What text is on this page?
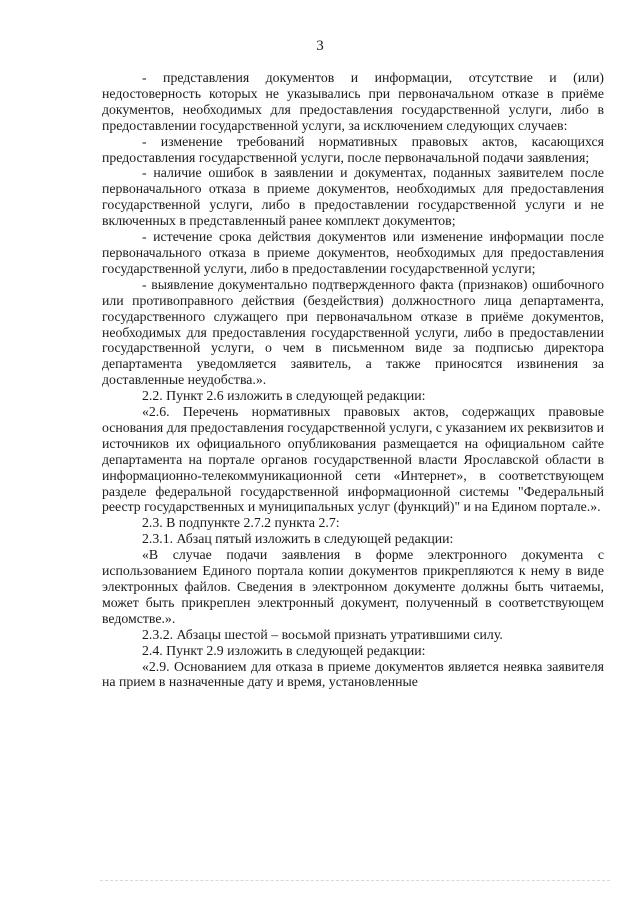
3

- представления документов и информации, отсутствие и (или) недостоверность которых не указывались при первоначальном отказе в приёме документов, необходимых для предоставления государственной услуги, либо в предоставлении государственной услуги, за исключением следующих случаев:

- изменение требований нормативных правовых актов, касающихся предоставления государственной услуги, после первоначальной подачи заявления;

- наличие ошибок в заявлении и документах, поданных заявителем после первоначального отказа в приеме документов, необходимых для предоставления государственной услуги, либо в предоставлении государственной услуги и не включенных в представленный ранее комплект документов;

- истечение срока действия документов или изменение информации после первоначального отказа в приеме документов, необходимых для предоставления государственной услуги, либо в предоставлении государственной услуги;

- выявление документально подтвержденного факта (признаков) ошибочного или противоправного действия (бездействия) должностного лица департамента, государственного служащего при первоначальном отказе в приёме документов, необходимых для предоставления государственной услуги, либо в предоставлении государственной услуги, о чем в письменном виде за подписью директора департамента уведомляется заявитель, а также приносятся извинения за доставленные неудобства.».

2.2. Пункт 2.6 изложить в следующей редакции:

«2.6. Перечень нормативных правовых актов, содержащих правовые основания для предоставления государственной услуги, с указанием их реквизитов и источников их официального опубликования размещается на официальном сайте департамента на портале органов государственной власти Ярославской области в информационно-телекоммуникационной сети «Интернет», в соответствующем разделе федеральной государственной информационной системы "Федеральный реестр государственных и муниципальных услуг (функций)" и на Едином портале.».

2.3. В подпункте 2.7.2 пункта 2.7:

2.3.1. Абзац пятый изложить в следующей редакции:

«В случае подачи заявления в форме электронного документа с использованием Единого портала копии документов прикрепляются к нему в виде электронных файлов. Сведения в электронном документе должны быть читаемы, может быть прикреплен электронный документ, полученный в соответствующем ведомстве.».

2.3.2. Абзацы шестой – восьмой признать утратившими силу.

2.4. Пункт 2.9 изложить в следующей редакции:

«2.9. Основанием для отказа в приеме документов является неявка заявителя на прием в назначенные дату и время, установленные
